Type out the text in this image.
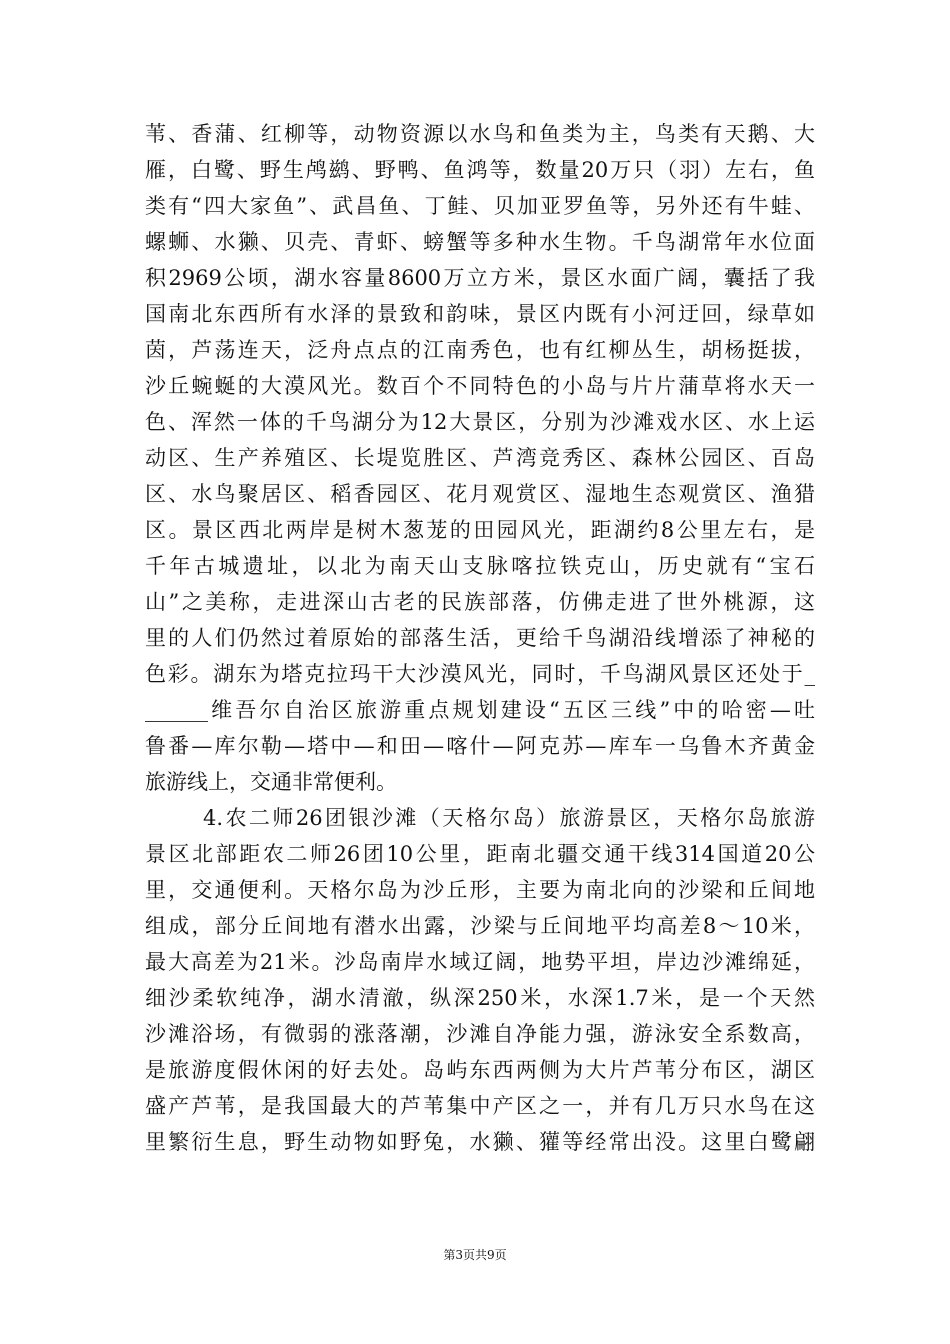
苇、香蒲、红柳等，动物资源以水鸟和鱼类为主，鸟类有天鹅、大
雁，白鹭、野生鸬鹚、野鸭、鱼鸿等，数量20万只（羽）左右，鱼
类有“四大家鱼”、武昌鱼、丁鲑、贝加亚罗鱼等，另外还有牛蛙、
螺蛳、水獭、贝壳、青虾、螃蟹等多种水生物。千鸟湖常年水位面
积2969公顷，湖水容量8600万立方米，景区水面广阔，囊括了我
国南北东西所有水泽的景致和韵味，景区内既有小河迂回，绿草如
茵，芦荡连天，泛舟点点的江南秀色，也有红柳丛生，胡杨挺拔，
沙丘蜿蜒的大漠风光。数百个不同特色的小岛与片片蒲草将水天一
色、浑然一体的千鸟湖分为12大景区，分别为沙滩戏水区、水上运
动区、生产养殖区、长堤览胜区、芦湾竞秀区、森林公园区、百岛
区、水鸟聚居区、稻香园区、花月观赏区、湿地生态观赏区、渔猎
区。景区西北两岸是树木葱茏的田园风光，距湖约8公里左右，是
千年古城遗址，以北为南天山支脉喀拉铁克山，历史就有“宝石
山”之美称，走进深山古老的民族部落，仿佛走进了世外桃源，这
里的人们仍然过着原始的部落生活，更给千鸟湖沿线增添了神秘的
色彩。湖东为塔克拉玛干大沙漠风光，同时，千鸟湖风景区还处于_
______维吾尔自治区旅游重点规划建设“五区三线”中的哈密—吐
鲁番—库尔勒—塔中—和田—喀什—阿克苏—库车一乌鲁木齐黄金
旅游线上，交通非常便利。
4.农二师26团银沙滩（天格尔岛）旅游景区，天格尔岛旅游
景区北部距农二师26团10公里，距南北疆交通干线314国道20公
里，交通便利。天格尔岛为沙丘形，主要为南北向的沙梁和丘间地
组成，部分丘间地有潜水出露，沙梁与丘间地平均高差8～10米，
最大高差为21米。沙岛南岸水域辽阔，地势平坦，岸边沙滩绵延，
细沙柔软纯净，湖水清澈，纵深250米，水深1.7米，是一个天然
沙滩浴场，有微弱的涨落潮，沙滩自净能力强，游泳安全系数高，
是旅游度假休闲的好去处。岛屿东西两侧为大片芦苇分布区，湖区
盛产芦苇，是我国最大的芦苇集中产区之一，并有几万只水鸟在这
里繁衍生息，野生动物如野兔，水獭、獾等经常出没。这里白鹭翩
第3页共9页
